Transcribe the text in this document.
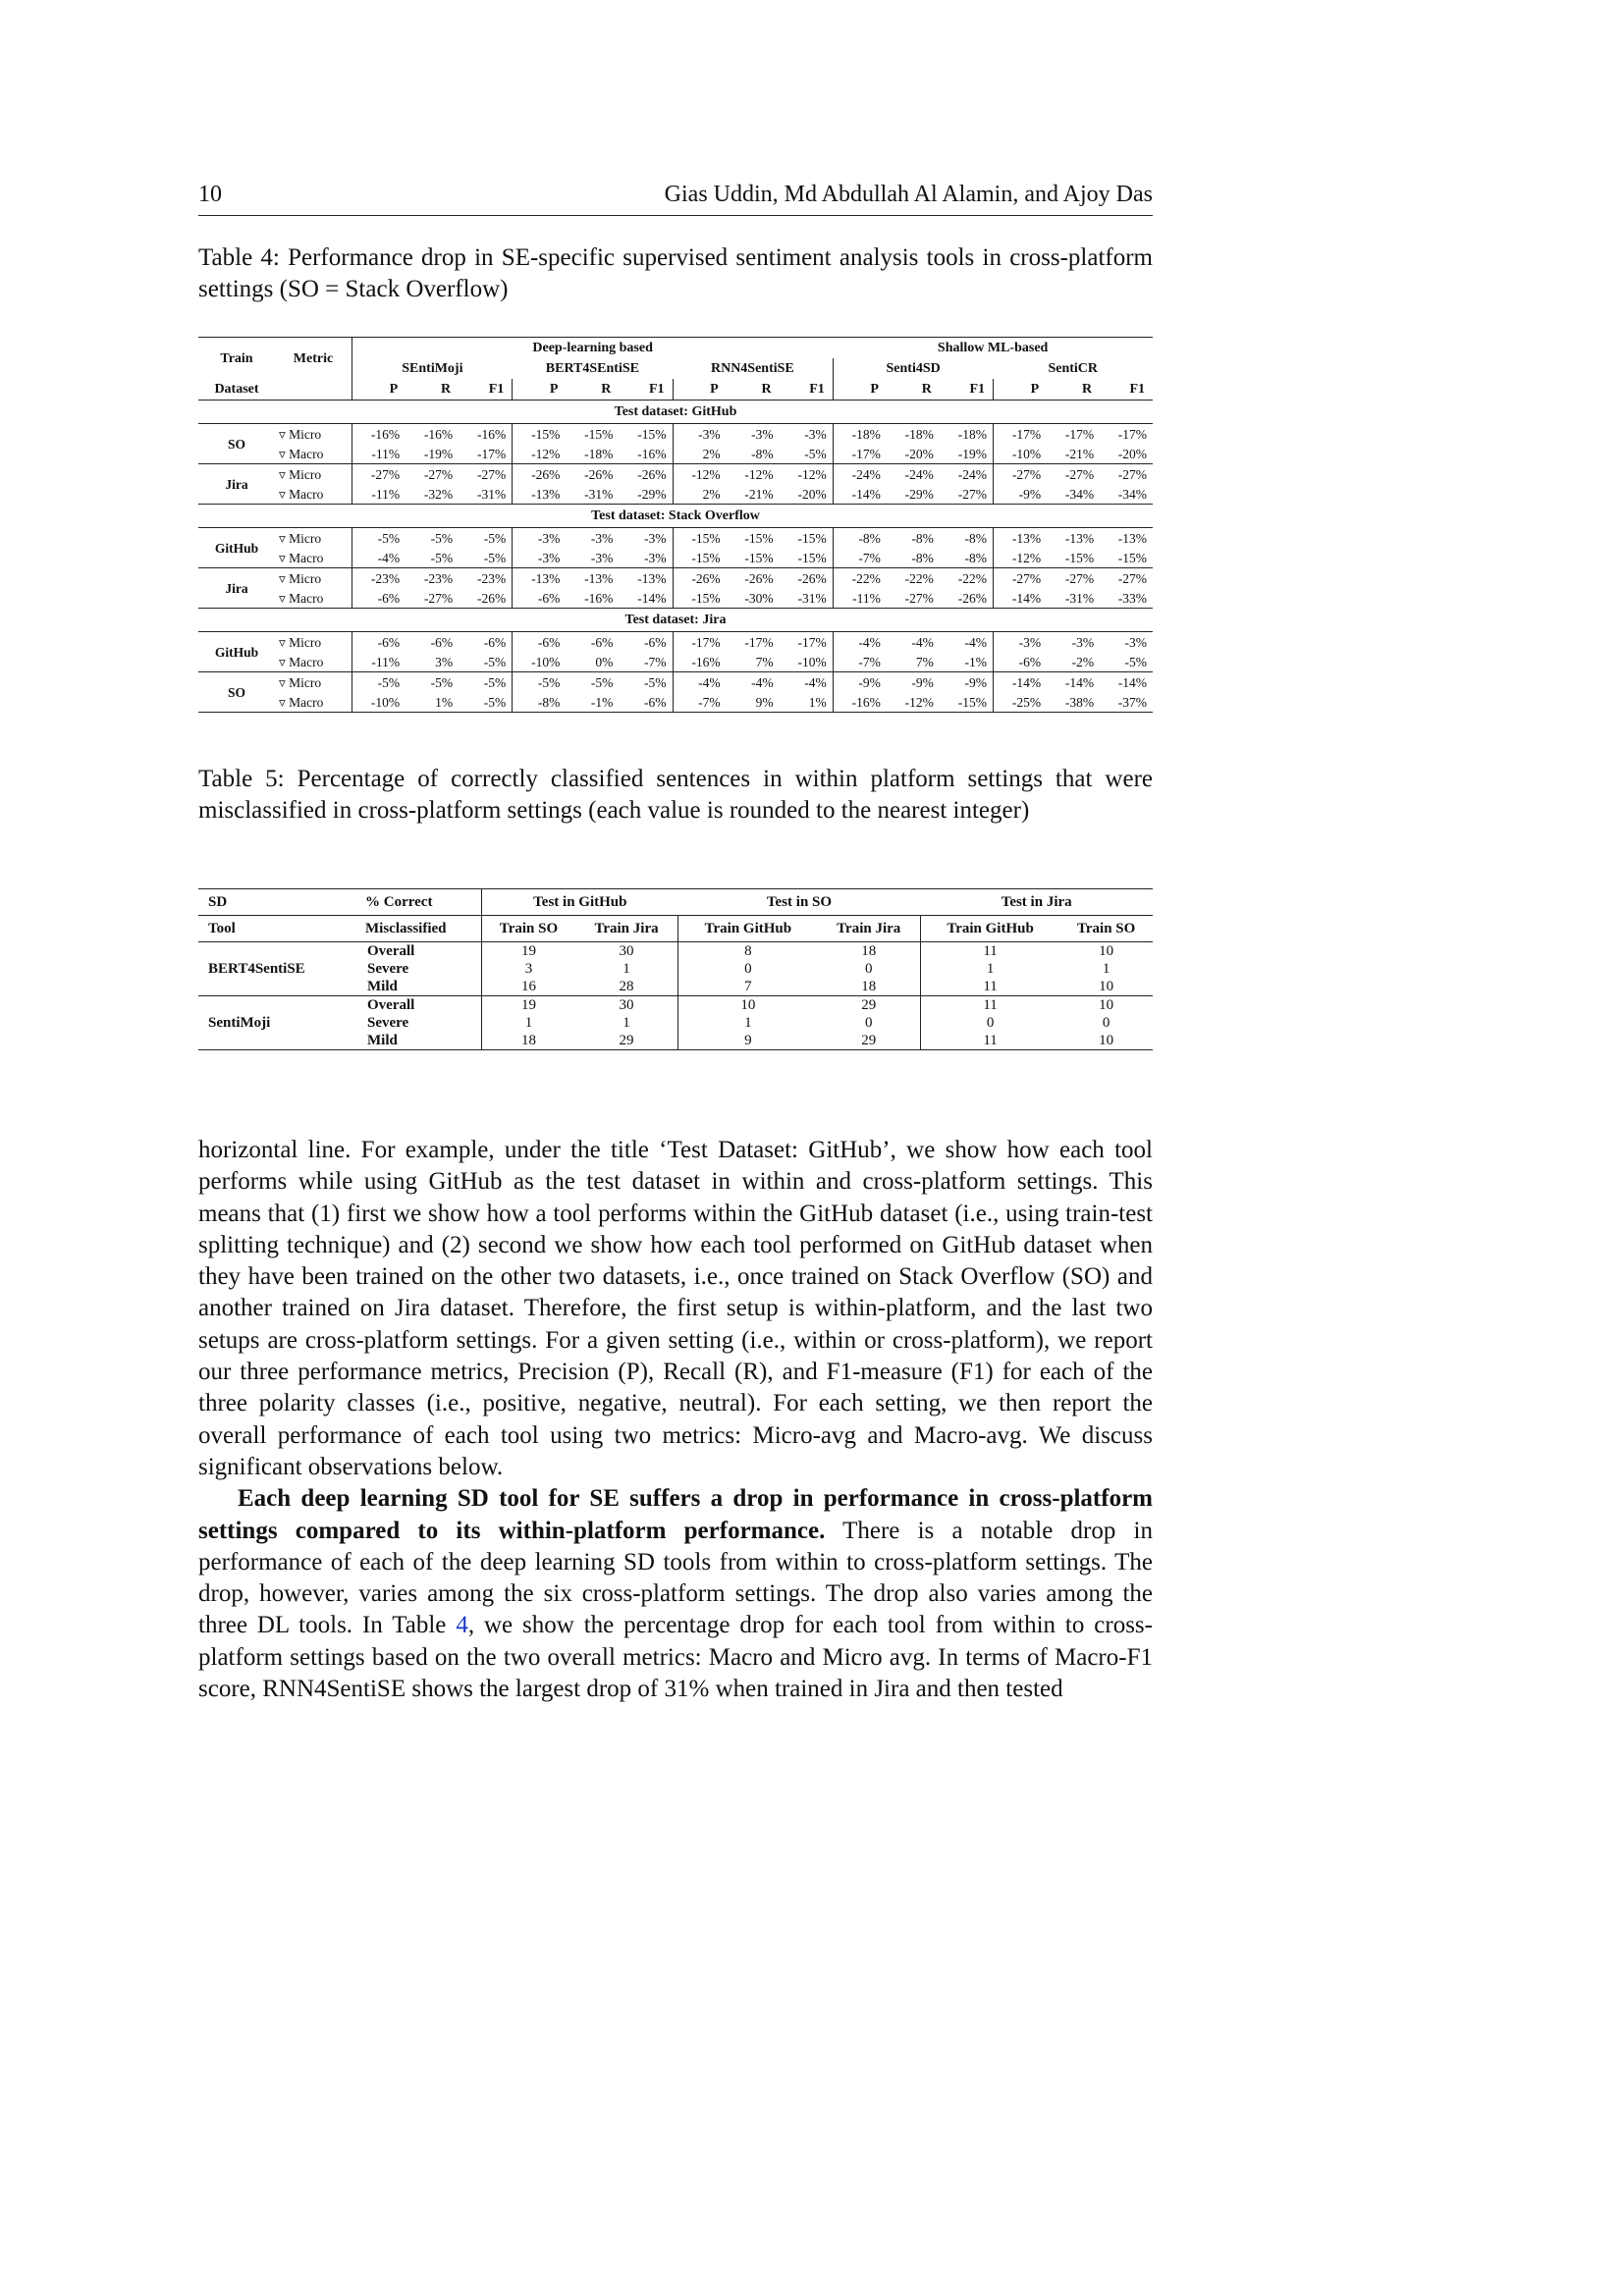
10	Gias Uddin, Md Abdullah Al Alamin, and Ajoy Das
Table 4: Performance drop in SE-specific supervised sentiment analysis tools in cross-platform settings (SO = Stack Overflow)
Train	Metric	Deep-learning based									Shallow ML-based					
		SEntiMoji			BERT4SEntiSE			RNN4SentiSE			Senti4SD			SentiCR		
Dataset		P	R	F1	P	R	F1	P	R	F1	P	R	F1	P	R	F1
Test dataset: GitHub																
SO	▿ Micro	-16%	-16%	-16%	-15%	-15%	-15%	-3%	-3%	-3%	-18%	-18%	-18%	-17%	-17%	-17%
	▿ Macro	-11%	-19%	-17%	-12%	-18%	-16%	2%	-8%	-5%	-17%	-20%	-19%	-10%	-21%	-20%
Jira	▿ Micro	-27%	-27%	-27%	-26%	-26%	-26%	-12%	-12%	-12%	-24%	-24%	-24%	-27%	-27%	-27%
	▿ Macro	-11%	-32%	-31%	-13%	-31%	-29%	2%	-21%	-20%	-14%	-29%	-27%	-9%	-34%	-34%
Test dataset: Stack Overflow																
GitHub	▿ Micro	-5%	-5%	-5%	-3%	-3%	-3%	-15%	-15%	-15%	-8%	-8%	-8%	-13%	-13%	-13%
	▿ Macro	-4%	-5%	-5%	-3%	-3%	-3%	-15%	-15%	-15%	-7%	-8%	-8%	-12%	-15%	-15%
Jira	▿ Micro	-23%	-23%	-23%	-13%	-13%	-13%	-26%	-26%	-26%	-22%	-22%	-22%	-27%	-27%	-27%
	▿ Macro	-6%	-27%	-26%	-6%	-16%	-14%	-15%	-30%	-31%	-11%	-27%	-26%	-14%	-31%	-33%
Test dataset: Jira																
GitHub	▿ Micro	-6%	-6%	-6%	-6%	-6%	-6%	-17%	-17%	-17%	-4%	-4%	-4%	-3%	-3%	-3%
	▿ Macro	-11%	3%	-5%	-10%	0%	-7%	-16%	7%	-10%	-7%	7%	-1%	-6%	-2%	-5%
SO	▿ Micro	-5%	-5%	-5%	-5%	-5%	-5%	-4%	-4%	-4%	-9%	-9%	-9%	-14%	-14%	-14%
	▿ Macro	-10%	1%	-5%	-8%	-1%	-6%	-7%	9%	1%	-16%	-12%	-15%	-25%	-38%	-37%
Table 5: Percentage of correctly classified sentences in within platform settings that were misclassified in cross-platform settings (each value is rounded to the nearest integer)
SD	% Correct	Test in GitHub		Test in SO		Test in Jira	
Tool	Misclassified	Train SO	Train Jira	Train GitHub	Train Jira	Train GitHub	Train SO
BERT4SentiSE	Overall	19	30	8	18	11	10
	Severe	3	1	0	0	1	1
	Mild	16	28	7	18	11	10
SentiMoji	Overall	19	30	10	29	11	10
	Severe	1	1	1	0	0	0
	Mild	18	29	9	29	11	10

horizontal line. For example, under the title ‘Test Dataset: GitHub’, we show how each tool performs while using GitHub as the test dataset in within and cross-platform settings. This means that (1) first we show how a tool performs within the GitHub dataset (i.e., using train-test splitting technique) and (2) second we show how each tool performed on GitHub dataset when they have been trained on the other two datasets, i.e., once trained on Stack Overflow (SO) and another trained on Jira dataset. Therefore, the first setup is within-platform, and the last two setups are cross-platform settings. For a given setting (i.e., within or cross-platform), we report our three performance metrics, Precision (P), Recall (R), and F1-measure (F1) for each of the three polarity classes (i.e., positive, negative, neutral). For each setting, we then report the overall performance of each tool using two metrics: Micro-avg and Macro-avg. We discuss significant observations below.

Each deep learning SD tool for SE suffers a drop in performance in cross-platform settings compared to its within-platform performance. There is a notable drop in performance of each of the deep learning SD tools from within to cross-platform settings. The drop, however, varies among the six cross-platform settings. The drop also varies among the three DL tools. In Table 4, we show the percentage drop for each tool from within to cross-platform settings based on the two overall metrics: Macro and Micro avg. In terms of Macro-F1 score, RNN4SentiSE shows the largest drop of 31% when trained in Jira and then tested
